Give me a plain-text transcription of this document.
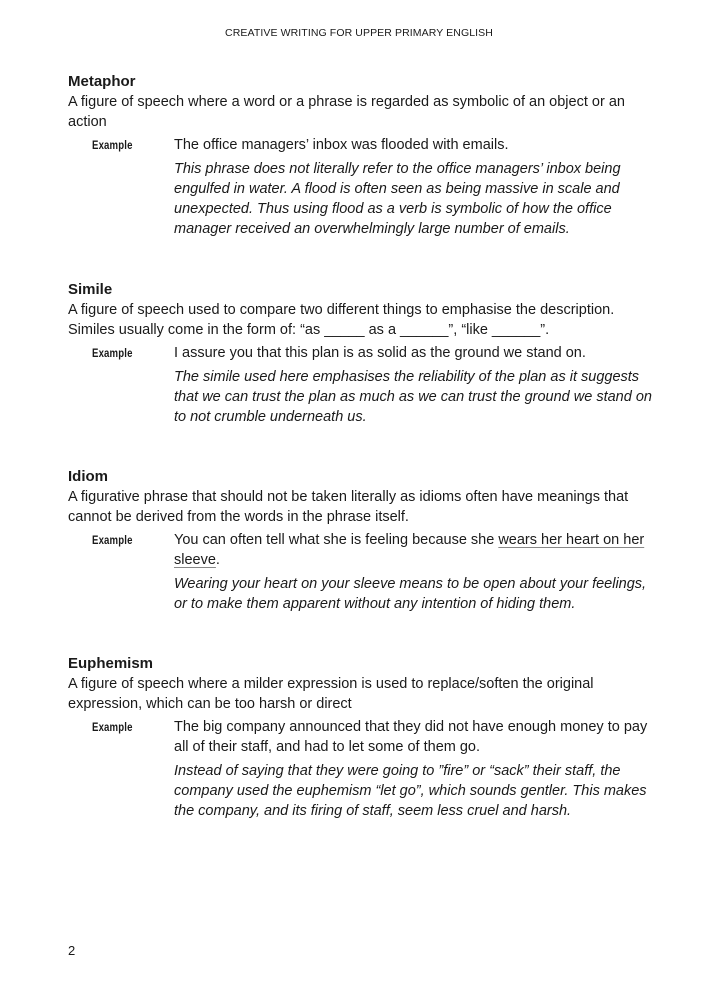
CREATIVE WRITING FOR UPPER PRIMARY ENGLISH

Metaphor

A figure of speech where a word or a phrase is regarded as symbolic of an object or an action

Example	The office managers’ inbox was flooded with emails.

This phrase does not literally refer to the office managers’ inbox being engulfed in water. A flood is often seen as being massive in scale and unexpected. Thus using flood as a verb is symbolic of how the office manager received an overwhelmingly large number of emails.

Simile

A figure of speech used to compare two different things to emphasise the description. Similes usually come in the form of: “as _____ as a ______”, “like ______”.

Example	I assure you that this plan is as solid as the ground we stand on.

The simile used here emphasises the reliability of the plan as it suggests that we can trust the plan as much as we can trust the ground we stand on to not crumble underneath us.

Idiom

A figurative phrase that should not be taken literally as idioms often have meanings that cannot be derived from the words in the phrase itself.

Example	You can often tell what she is feeling because she wears her heart on her sleeve.

Wearing your heart on your sleeve means to be open about your feelings, or to make them apparent without any intention of hiding them.

Euphemism

A figure of speech where a milder expression is used to replace/soften the original expression, which can be too harsh or direct

Example	The big company announced that they did not have enough money to pay all of their staff, and had to let some of them go.

Instead of saying that they were going to ”fire” or “sack” their staff, the company used the euphemism “let go”, which sounds gentler. This makes the company, and its firing of staff, seem less cruel and harsh.

2
